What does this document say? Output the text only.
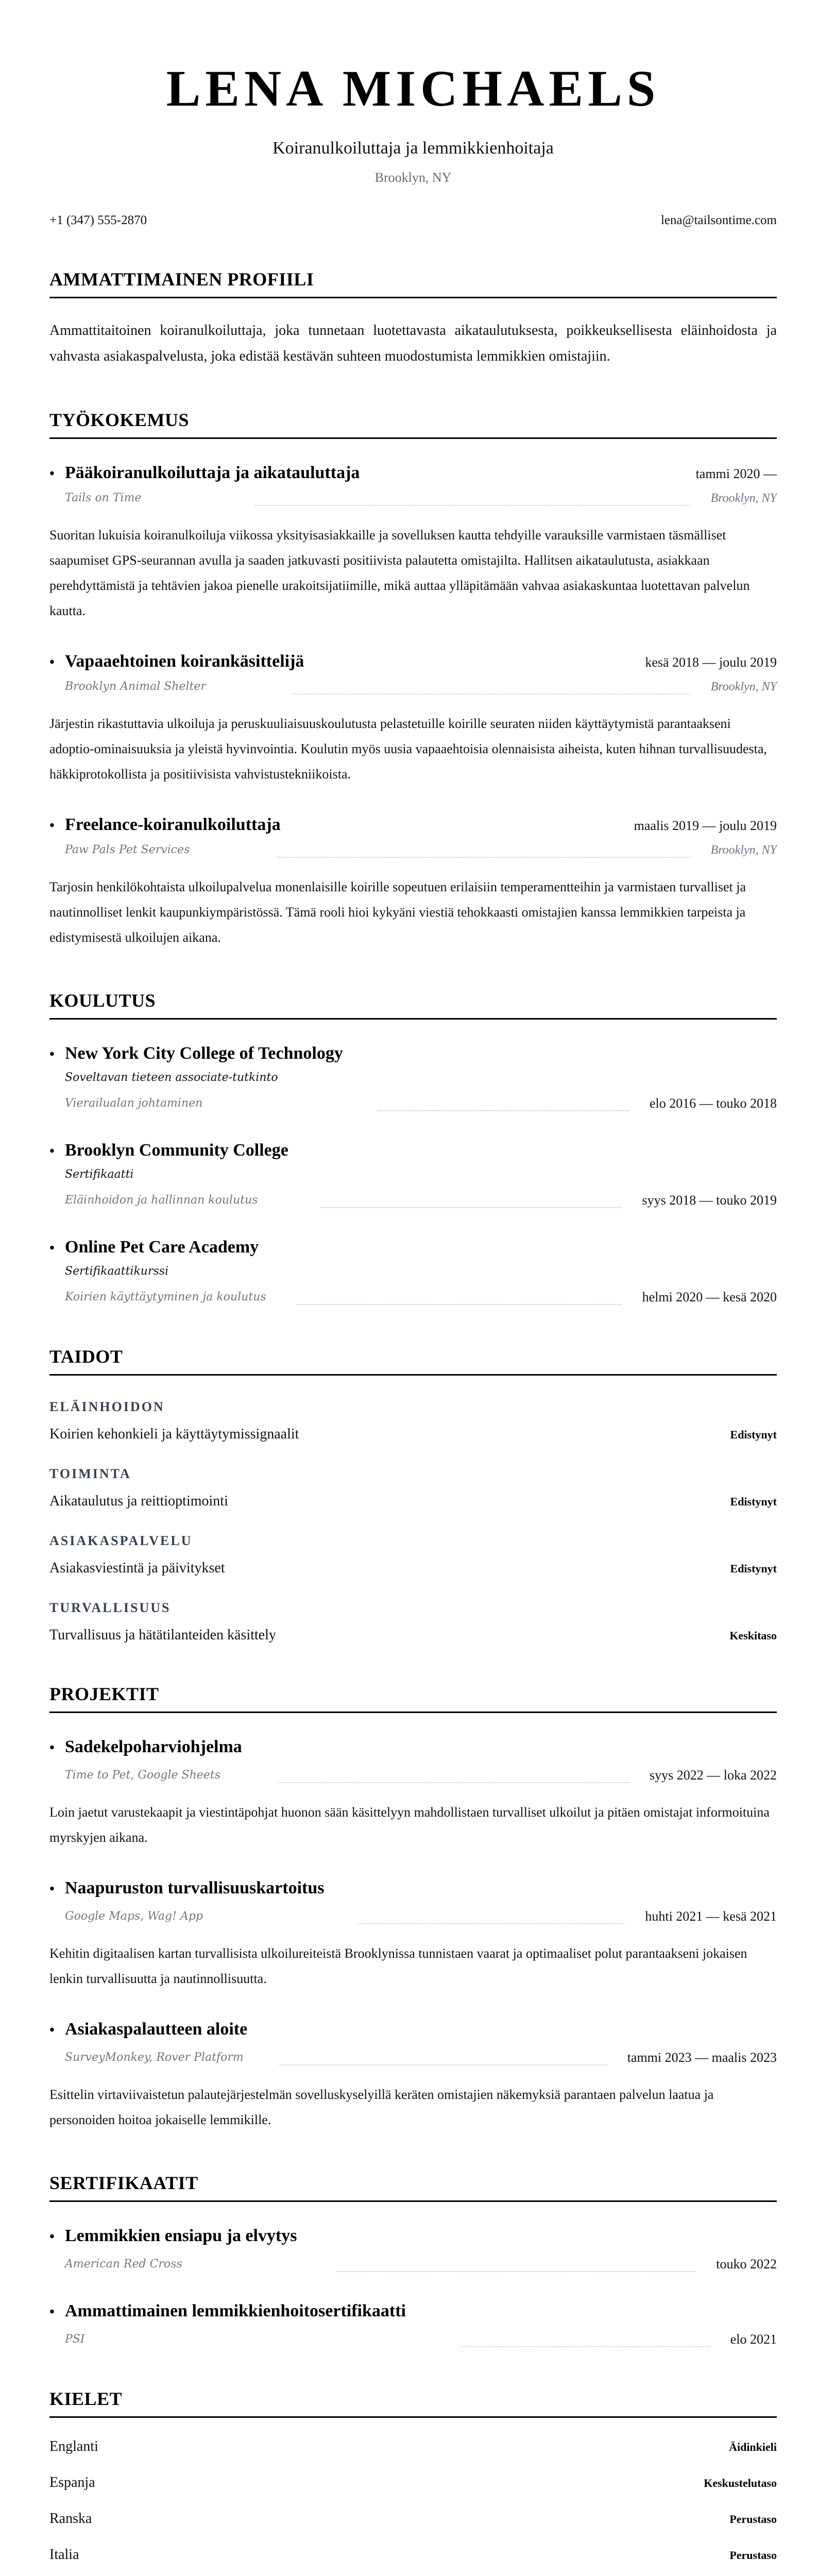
LENA MICHAELS
Koiranulkoiluttaja ja lemmikkienhoitaja
Brooklyn, NY
+1 (347) 555-2870	lena@tailsontime.com
AMMATTIMAINEN PROFIILI

Ammattitaitoinen koiranulkoiluttaja, joka tunnetaan luotettavasta aikataulutuksesta, poikkeuksellisesta eläinhoidosta ja vahvasta asiakaspalvelusta, joka edistää kestävän suhteen muodostumista lemmikkien omistajiin.

TYÖKOKEMUS
• Pääkoiranulkoiluttaja ja aikatauluttaja	tammi 2020 —
Tails on Time	Brooklyn, NY

Suoritan lukuisia koiranulkoiluja viikossa yksityisasiakkaille ja sovelluksen kautta tehdyille varauksille varmistaen täsmälliset saapumiset GPS-seurannan avulla ja saaden jatkuvasti positiivista palautetta omistajilta. Hallitsen aikataulutusta, asiakkaan perehdyttämistä ja tehtävien jakoa pienelle urakoitsijatiimille, mikä auttaa ylläpitämään vahvaa asiakaskuntaa luotettavan palvelun kautta.

• Vapaaehtoinen koirankäsittelijä	kesä 2018 — joulu 2019
Brooklyn Animal Shelter	Brooklyn, NY

Järjestin rikastuttavia ulkoiluja ja peruskuuliaisuuskoulutusta pelastetuille koirille seuraten niiden käyttäytymistä parantaakseni adoptio-ominaisuuksia ja yleistä hyvinvointia. Koulutin myös uusia vapaaehtoisia olennaisista aiheista, kuten hihnan turvallisuudesta, häkkiprotokollista ja positiivisista vahvistustekniikoista.

• Freelance-koiranulkoiluttaja	maalis 2019 — joulu 2019
Paw Pals Pet Services	Brooklyn, NY

Tarjosin henkilökohtaista ulkoilupalvelua monenlaisille koirille sopeutuen erilaisiin temperamentteihin ja varmistaen turvalliset ja nautinnolliset lenkit kaupunkiympäristössä. Tämä rooli hioi kykyäni viestiä tehokkaasti omistajien kanssa lemmikkien tarpeista ja edistymisestä ulkoilujen aikana.

KOULUTUS
• New York City College of Technology
Soveltavan tieteen associate-tutkinto
Vierailualan johtaminen	elo 2016 — touko 2018
• Brooklyn Community College
Sertifikaatti
Eläinhoidon ja hallinnan koulutus	syys 2018 — touko 2019
• Online Pet Care Academy
Sertifikaattikurssi
Koirien käyttäytyminen ja koulutus	helmi 2020 — kesä 2020
TAIDOT
ELÄINHOIDON
Koirien kehonkieli ja käyttäytymissignaalit	Edistynyt
TOIMINTA
Aikataulutus ja reittioptimointi	Edistynyt
ASIAKASPALVELU
Asiakasviestintä ja päivitykset	Edistynyt
TURVALLISUUS
Turvallisuus ja hätätilanteiden käsittely	Keskitaso
PROJEKTIT
• Sadekelpoharviohjelma
Time to Pet, Google Sheets	syys 2022 — loka 2022

Loin jaetut varustekaapit ja viestintäpohjat huonon sään käsittelyyn mahdollistaen turvalliset ulkoilut ja pitäen omistajat informoituina myrskyjen aikana.

• Naapuruston turvallisuuskartoitus
Google Maps, Wag! App	huhti 2021 — kesä 2021

Kehitin digitaalisen kartan turvallisista ulkoilureiteistä Brooklynissa tunnistaen vaarat ja optimaaliset polut parantaakseni jokaisen lenkin turvallisuutta ja nautinnollisuutta.

• Asiakaspalautteen aloite
SurveyMonkey, Rover Platform	tammi 2023 — maalis 2023

Esittelin virtaviivaistetun palautejärjestelmän sovelluskyselyillä keräten omistajien näkemyksiä parantaen palvelun laatua ja personoiden hoitoa jokaiselle lemmikille.

SERTIFIKAATIT
• Lemmikkien ensiapu ja elvytys
American Red Cross	touko 2022
• Ammattimainen lemmikkienhoitosertifikaatti
PSI	elo 2021
KIELET
Englanti	Äidinkieli
Espanja	Keskustelutaso
Ranska	Perustaso
Italia	Perustaso
